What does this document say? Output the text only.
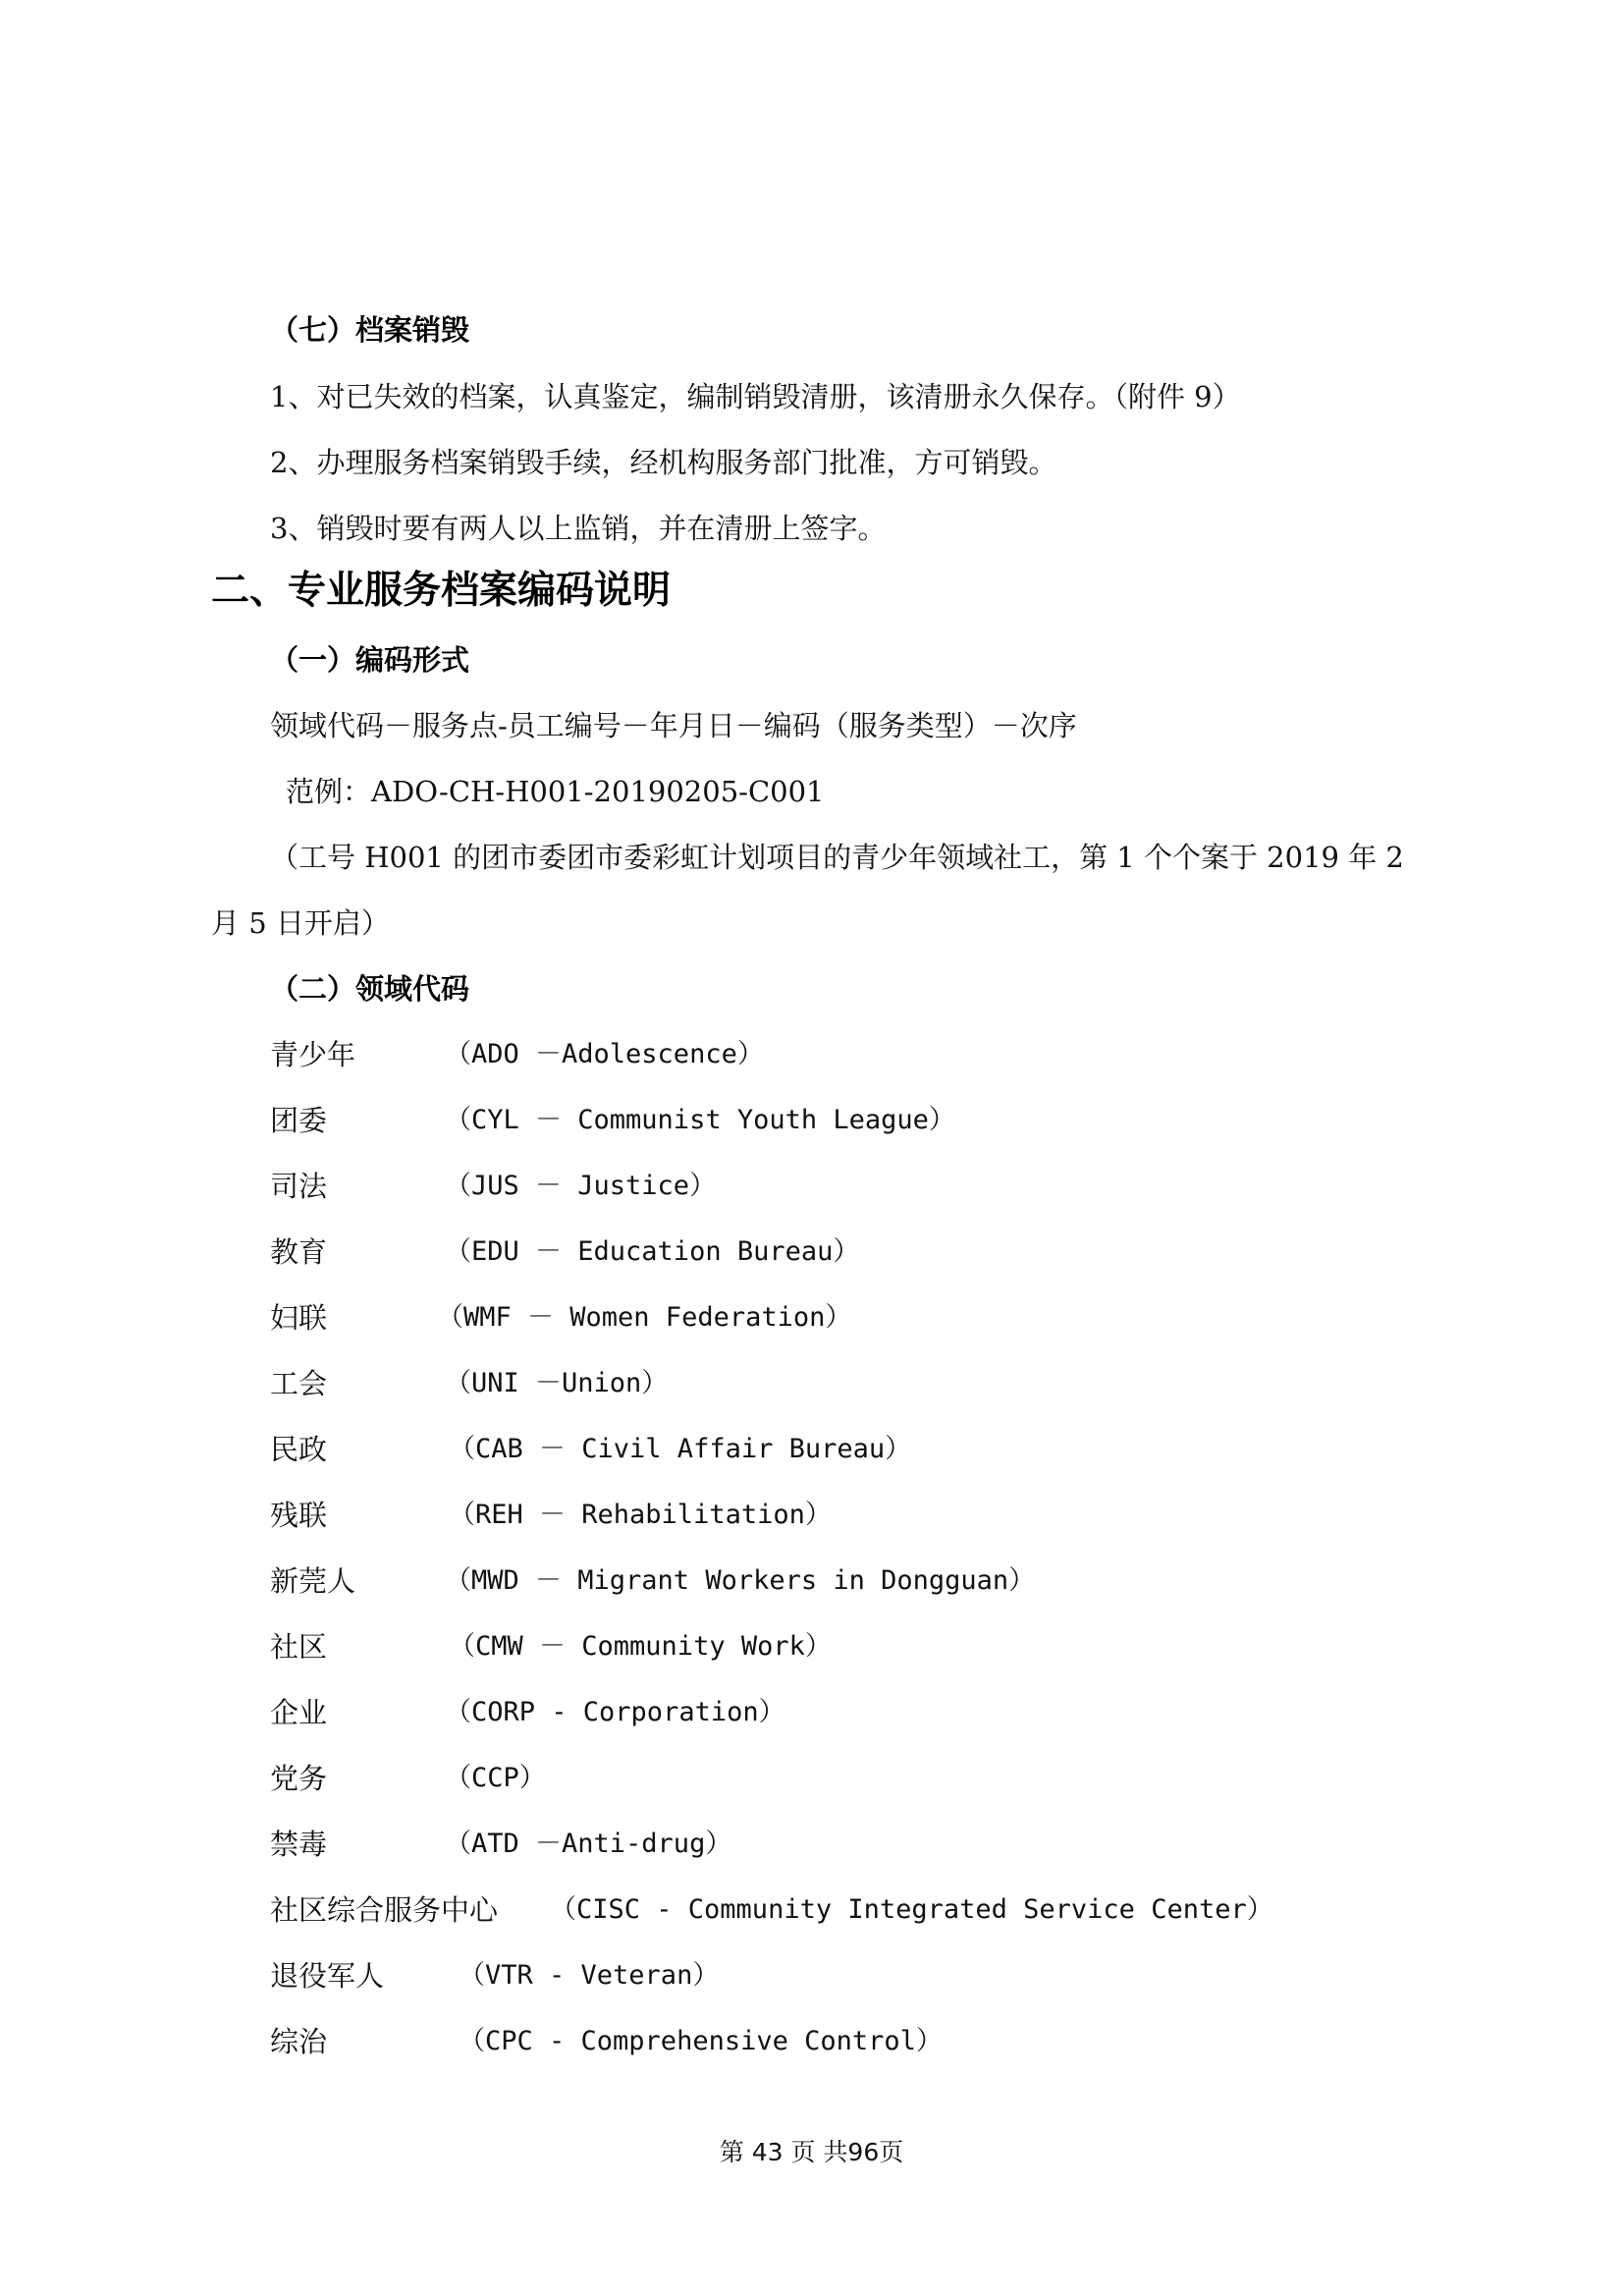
（七）档案销毁
1、对已失效的档案，认真鉴定，编制销毁清册，该清册永久保存。（附件 9）
2、办理服务档案销毁手续，经机构服务部门批准，方可销毁。
3、销毁时要有两人以上监销，并在清册上签字。
二、专业服务档案编码说明
（一）编码形式
领域代码－服务点-员工编号－年月日－编码（服务类型）－次序
范例：ADO-CH-H001-20190205-C001
（工号 H001 的团市委团市委彩虹计划项目的青少年领域社工，第 1 个个案于 2019 年 2
月 5 日开启）
（二）领域代码
青少年	（ADO －Adolescence）
团委	（CYL － Communist Youth League）
司法	（JUS － Justice）
教育	（EDU － Education Bureau）
妇联	（WMF － Women Federation）
工会	（UNI －Union）
民政	（CAB － Civil Affair Bureau）
残联	（REH － Rehabilitation）
新莞人	（MWD － Migrant Workers in Dongguan）
社区	（CMW － Community Work）
企业	（CORP - Corporation）
党务	（CCP）
禁毒	（ATD －Anti-drug）
社区综合服务中心 （CISC - Community Integrated Service Center）
退役军人	（VTR - Veteran）
综治	（CPC - Comprehensive Control）
第 43 页 共96页
